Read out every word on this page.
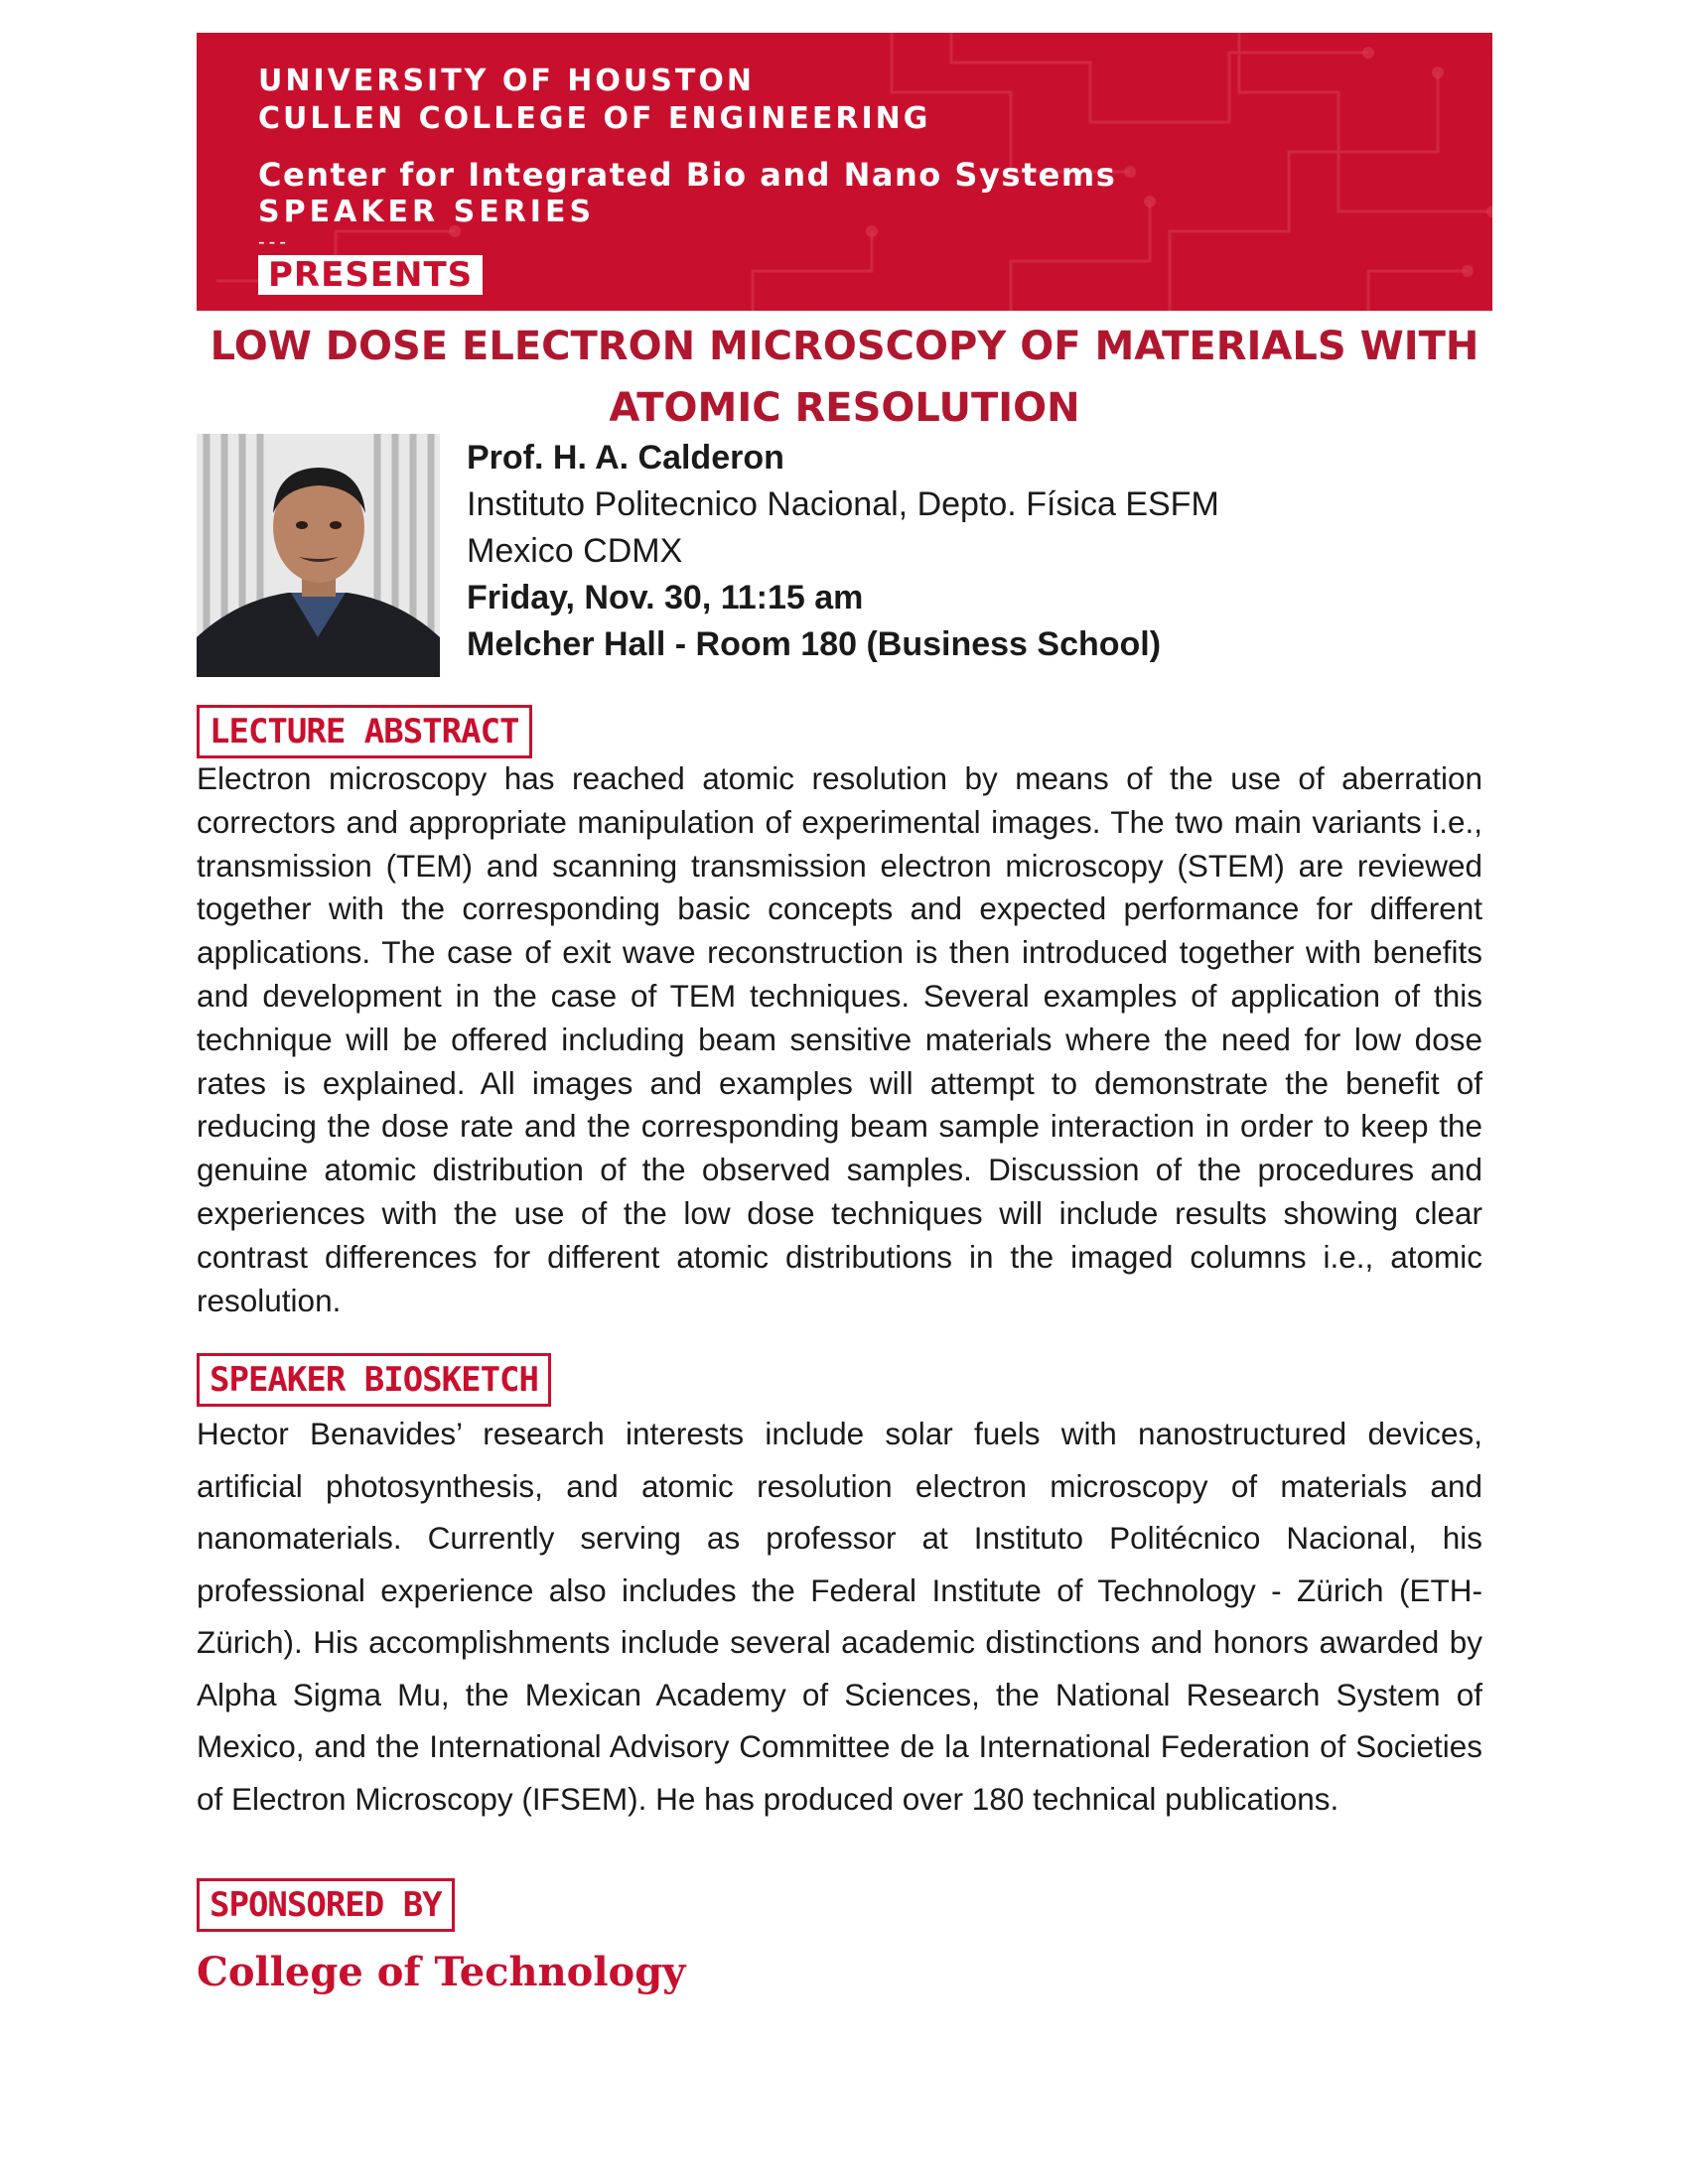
UNIVERSITY OF HOUSTON
CULLEN COLLEGE OF ENGINEERING
Center for Integrated Bio and Nano Systems
SPEAKER SERIES
---
PRESENTS
LOW DOSE ELECTRON MICROSCOPY OF MATERIALS WITH
ATOMIC RESOLUTION
Prof. H. A. Calderon
Instituto Politecnico Nacional, Depto. Física ESFM
Mexico CDMX
Friday, Nov. 30, 11:15 am
Melcher Hall - Room 180 (Business School)
LECTURE ABSTRACT
Electron microscopy has reached atomic resolution by means of the use of aberration correctors and appropriate manipulation of experimental images. The two main variants i.e., transmission (TEM) and scanning transmission electron microscopy (STEM) are reviewed together with the corresponding basic concepts and expected performance for different applications. The case of exit wave reconstruction is then introduced together with benefits and development in the case of TEM techniques. Several examples of application of this technique will be offered including beam sensitive materials where the need for low dose rates is explained. All images and examples will attempt to demonstrate the benefit of reducing the dose rate and the corresponding beam sample interaction in order to keep the genuine atomic distribution of the observed samples. Discussion of the procedures and experiences with the use of the low dose techniques will include results showing clear contrast differences for different atomic distributions in the imaged columns i.e., atomic resolution.
SPEAKER BIOSKETCH
Hector Benavides’ research interests include solar fuels with nanostructured devices, artificial photosynthesis, and atomic resolution electron microscopy of materials and nanomaterials. Currently serving as professor at Instituto Politécnico Nacional, his professional experience also includes the Federal Institute of Technology - Zürich (ETH-Zürich). His accomplishments include several academic distinctions and honors awarded by Alpha Sigma Mu, the Mexican Academy of Sciences, the National Research System of Mexico, and the International Advisory Committee de la International Federation of Societies of Electron Microscopy (IFSEM). He has produced over 180 technical publications.
SPONSORED BY
College of Technology
